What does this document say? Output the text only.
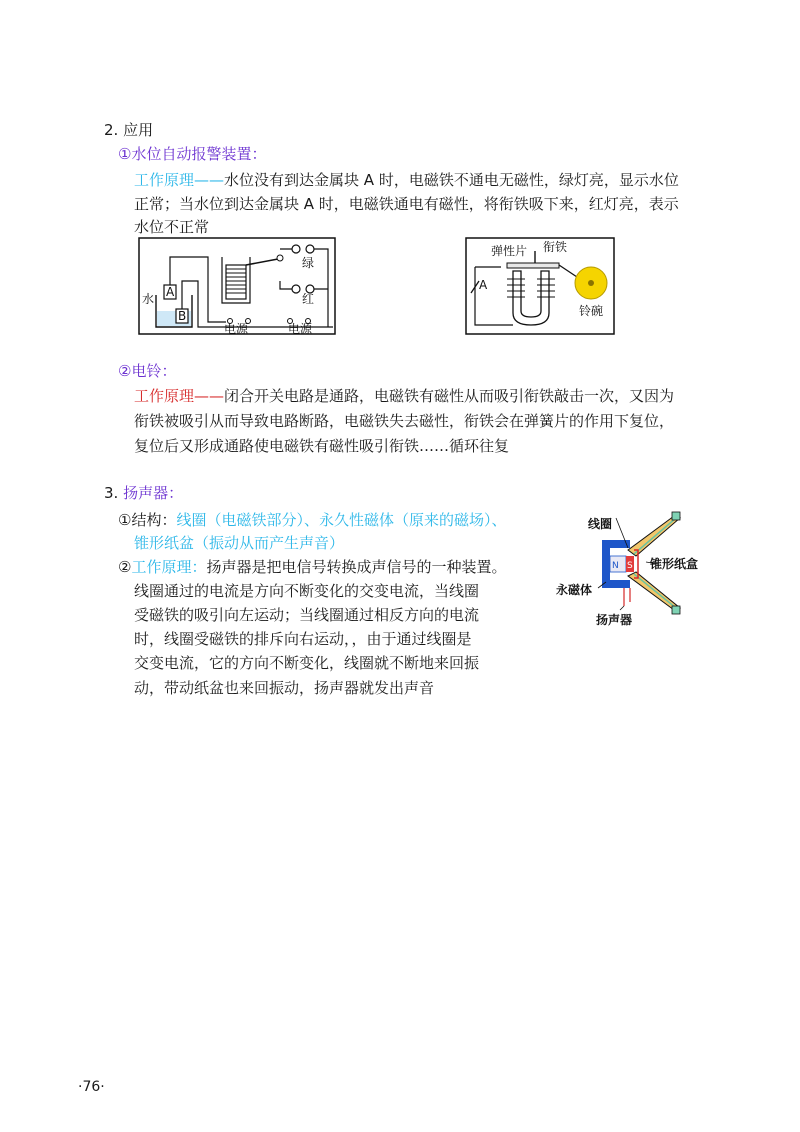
2. 应用
①水位自动报警装置：
工作原理——水位没有到达金属块 A 时，电磁铁不通电无磁性，绿灯亮，显示水位
正常；当水位到达金属块 A 时，电磁铁通电有磁性，将衔铁吸下来，红灯亮，表示
水位不正常
A
B
水
绿
红
电源	电源
弹性片 衔铁
A
铃碗
②电铃：
工作原理——闭合开关电路是通路，电磁铁有磁性从而吸引衔铁敲击一次，又因为
衔铁被吸引从而导致电路断路，电磁铁失去磁性，衔铁会在弹簧片的作用下复位，
复位后又形成通路使电磁铁有磁性吸引衔铁……循环往复
3. 扬声器：
①结构：线圈（电磁铁部分）、永久性磁体（原来的磁场）、
锥形纸盆（振动从而产生声音）
②工作原理：扬声器是把电信号转换成声信号的一种装置。
线圈通过的电流是方向不断变化的交变电流，当线圈
受磁铁的吸引向左运动；当线圈通过相反方向的电流
时，线圈受磁铁的排斥向右运动，，由于通过线圈是
交变电流，它的方向不断变化，线圈就不断地来回振
动，带动纸盆也来回振动，扬声器就发出声音
N S
线圈
锥形纸盒
永磁体
扬声器
·76·
